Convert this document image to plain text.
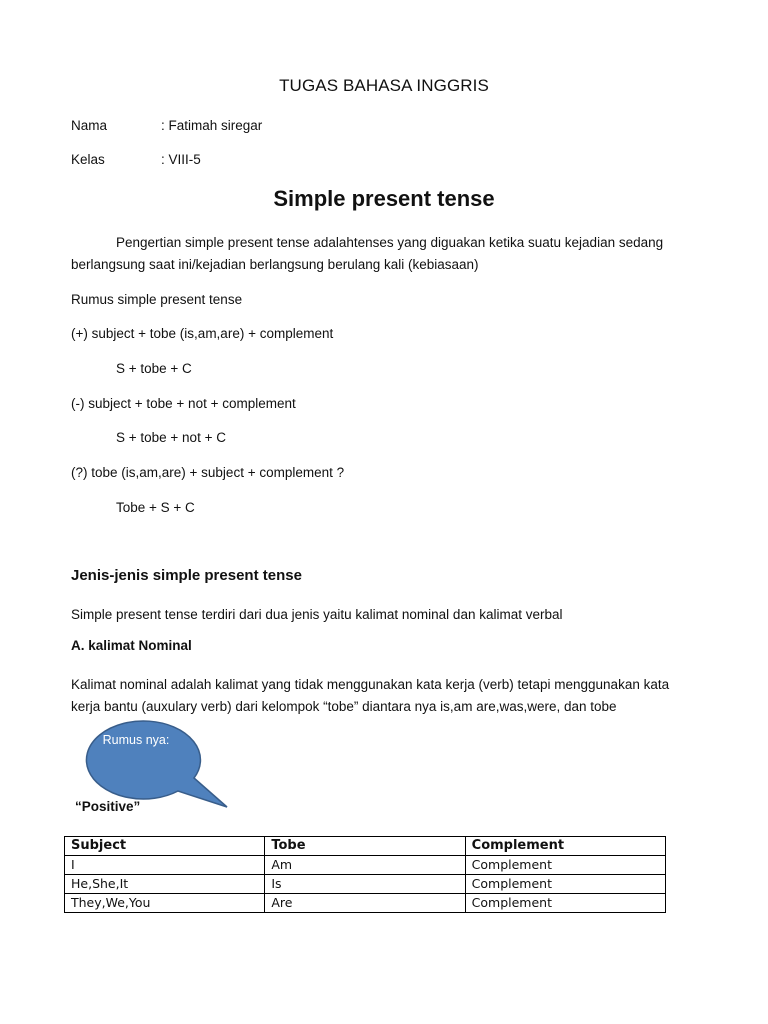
TUGAS BAHASA INGGRIS

Nama	: Fatimah siregar
Kelas	: VIII-5
Simple present tense

Pengertian simple present tense adalahtenses yang diguakan ketika suatu kejadian sedang berlangsung saat ini/kejadian berlangsung berulang kali (kebiasaan)

Rumus simple present tense
(+) subject + tobe (is,am,are) + complement
S + tobe + C
(-) subject + tobe + not + complement
S + tobe + not + C
(?) tobe (is,am,are) + subject + complement ?
Tobe + S + C
Jenis-jenis simple present tense
Simple present tense terdiri dari dua jenis yaitu kalimat nominal dan kalimat verbal
A. kalimat Nominal

Kalimat nominal adalah kalimat yang tidak menggunakan kata kerja (verb) tetapi menggunakan kata kerja bantu (auxulary verb) dari kelompok “tobe” diantara nya is,am are,was,were, dan tobe

Rumus nya:
“Positive”
Subject	Tobe	Complement
I	Am	Complement
He,She,It	Is	Complement
They,We,You	Are	Complement
